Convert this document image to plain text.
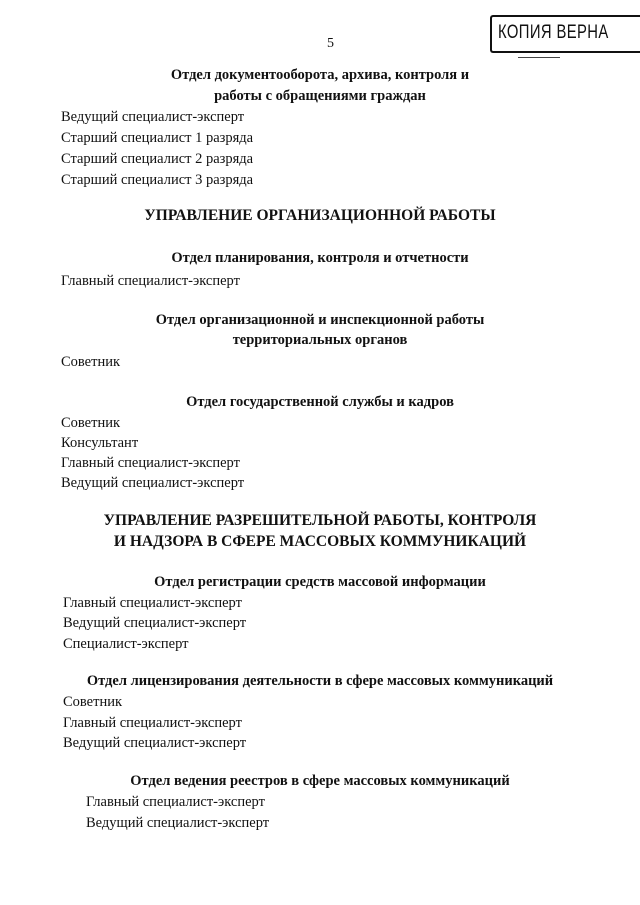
5
КОПИЯ ВЕРНА
Отдел документооборота, архива, контроля и
работы с обращениями граждан
Ведущий специалист-эксперт
Старший специалист 1 разряда
Старший специалист 2 разряда
Старший специалист 3 разряда
УПРАВЛЕНИЕ ОРГАНИЗАЦИОННОЙ РАБОТЫ
Отдел планирования, контроля и отчетности
Главный специалист-эксперт
Отдел организационной и инспекционной работы
территориальных органов
Советник
Отдел государственной службы и кадров
Советник
Консультант
Главный специалист-эксперт
Ведущий специалист-эксперт
УПРАВЛЕНИЕ РАЗРЕШИТЕЛЬНОЙ РАБОТЫ, КОНТРОЛЯ
И НАДЗОРА В СФЕРЕ МАССОВЫХ КОММУНИКАЦИЙ
Отдел регистрации средств массовой информации
Главный специалист-эксперт
Ведущий специалист-эксперт
Специалист-эксперт
Отдел лицензирования деятельности в сфере массовых коммуникаций
Советник
Главный специалист-эксперт
Ведущий специалист-эксперт
Отдел ведения реестров в сфере массовых коммуникаций
Главный специалист-эксперт
Ведущий специалист-эксперт
